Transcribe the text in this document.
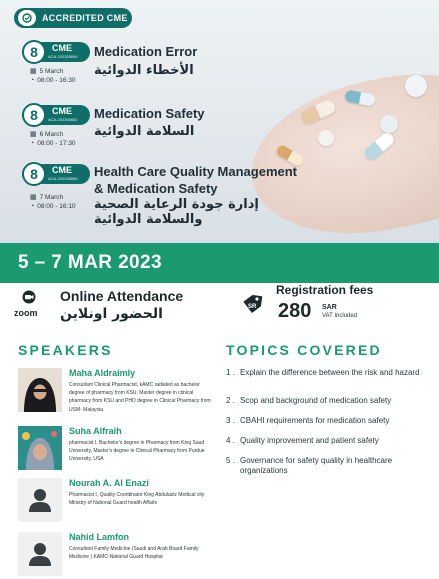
ACCREDITED CME
8	CME
ACA-202305694
▦ 5 March
◔ 08:00 - 16:30
Medication Error
الأخطاء الدوائية
8	CME
ACA-202305682
▦ 6 March
◔ 08:00 - 17:30
Medication Safety
السلامة الدوائية
8	CME
ACA-202305856
▦ 7 March
◔ 08:00 - 16:10
Health Care Quality Management
& Medication Safety
إدارة جودة الرعاية الصحية
والسلامة الدوائية
5 – 7 MAR 2023
zoom
Online Attendance
الحضور اونلاين	SR
Registration fees
280 SAR
VAT Included
SPEAKERS	TOPICS COVERED
Maha Aldraimly
Consultant Clinical Pharmacist, kAMC radiated as bachelor degree of pharmacy from KSU, Master degree in clinical pharmacy from KSU and PHD degree in Clinical Pharmacy from USM- Malaysia
Suha Alfraih
pharmacist I, Bachelor's degree in Pharmacy from King Saud University, Master's degree in Clinical Pharmacy from Purdue University, USA
Nourah A. Al Enazi
Pharmacist I, Quality Coordinator King Abdulaziz Medical city Ministry of National Guard health Affairs
Nahid Lamfon
Consultant Family Medicine (Saudi and Arab Board Family Medicine ) KAMC-National Guard Hospital
1 . Explain the difference between the risk and hazard
2 . Scop and background of medication safety
3 . CBAHI requirements for medication safety
4 . Quality improvement and patient safety
5 . Governance for safety quality in healthcare organizations
